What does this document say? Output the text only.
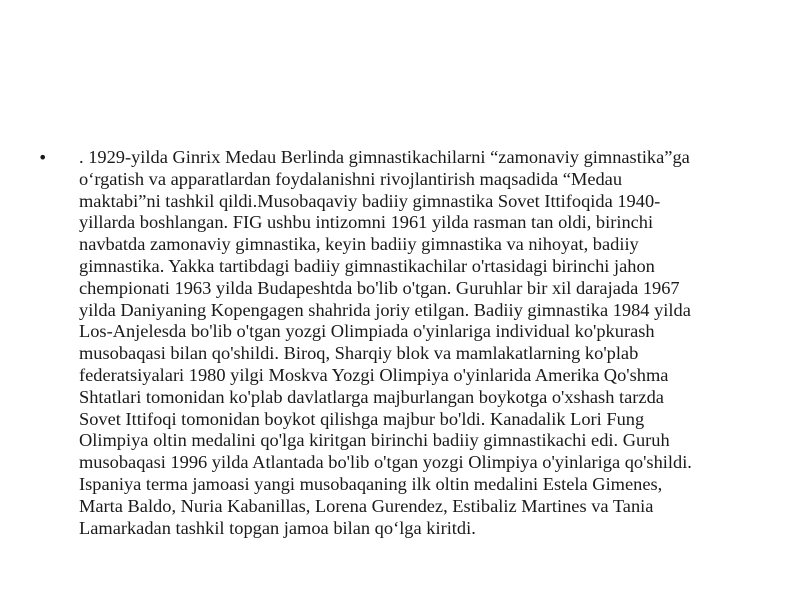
• . 1929-yilda Ginrix Medau Berlinda gimnastikachilarni “zamonaviy gimnastika”ga
o‘rgatish va apparatlardan foydalanishni rivojlantirish maqsadida “Medau
maktabi”ni tashkil qildi.Musobaqaviy badiiy gimnastika Sovet Ittifoqida 1940-
yillarda boshlangan. FIG ushbu intizomni 1961 yilda rasman tan oldi, birinchi
navbatda zamonaviy gimnastika, keyin badiiy gimnastika va nihoyat, badiiy
gimnastika. Yakka tartibdagi badiiy gimnastikachilar o'rtasidagi birinchi jahon
chempionati 1963 yilda Budapeshtda bo'lib o'tgan. Guruhlar bir xil darajada 1967
yilda Daniyaning Kopengagen shahrida joriy etilgan. Badiiy gimnastika 1984 yilda
Los-Anjelesda bo'lib o'tgan yozgi Olimpiada o'yinlariga individual ko'pkurash
musobaqasi bilan qo'shildi. Biroq, Sharqiy blok va mamlakatlarning ko'plab
federatsiyalari 1980 yilgi Moskva Yozgi Olimpiya o'yinlarida Amerika Qo'shma
Shtatlari tomonidan ko'plab davlatlarga majburlangan boykotga o'xshash tarzda
Sovet Ittifoqi tomonidan boykot qilishga majbur bo'ldi. Kanadalik Lori Fung
Olimpiya oltin medalini qo'lga kiritgan birinchi badiiy gimnastikachi edi. Guruh
musobaqasi 1996 yilda Atlantada bo'lib o'tgan yozgi Olimpiya o'yinlariga qo'shildi.
Ispaniya terma jamoasi yangi musobaqaning ilk oltin medalini Estela Gimenes,
Marta Baldo, Nuria Kabanillas, Lorena Gurendez, Estibaliz Martines va Tania
Lamarkadan tashkil topgan jamoa bilan qo‘lga kiritdi.
